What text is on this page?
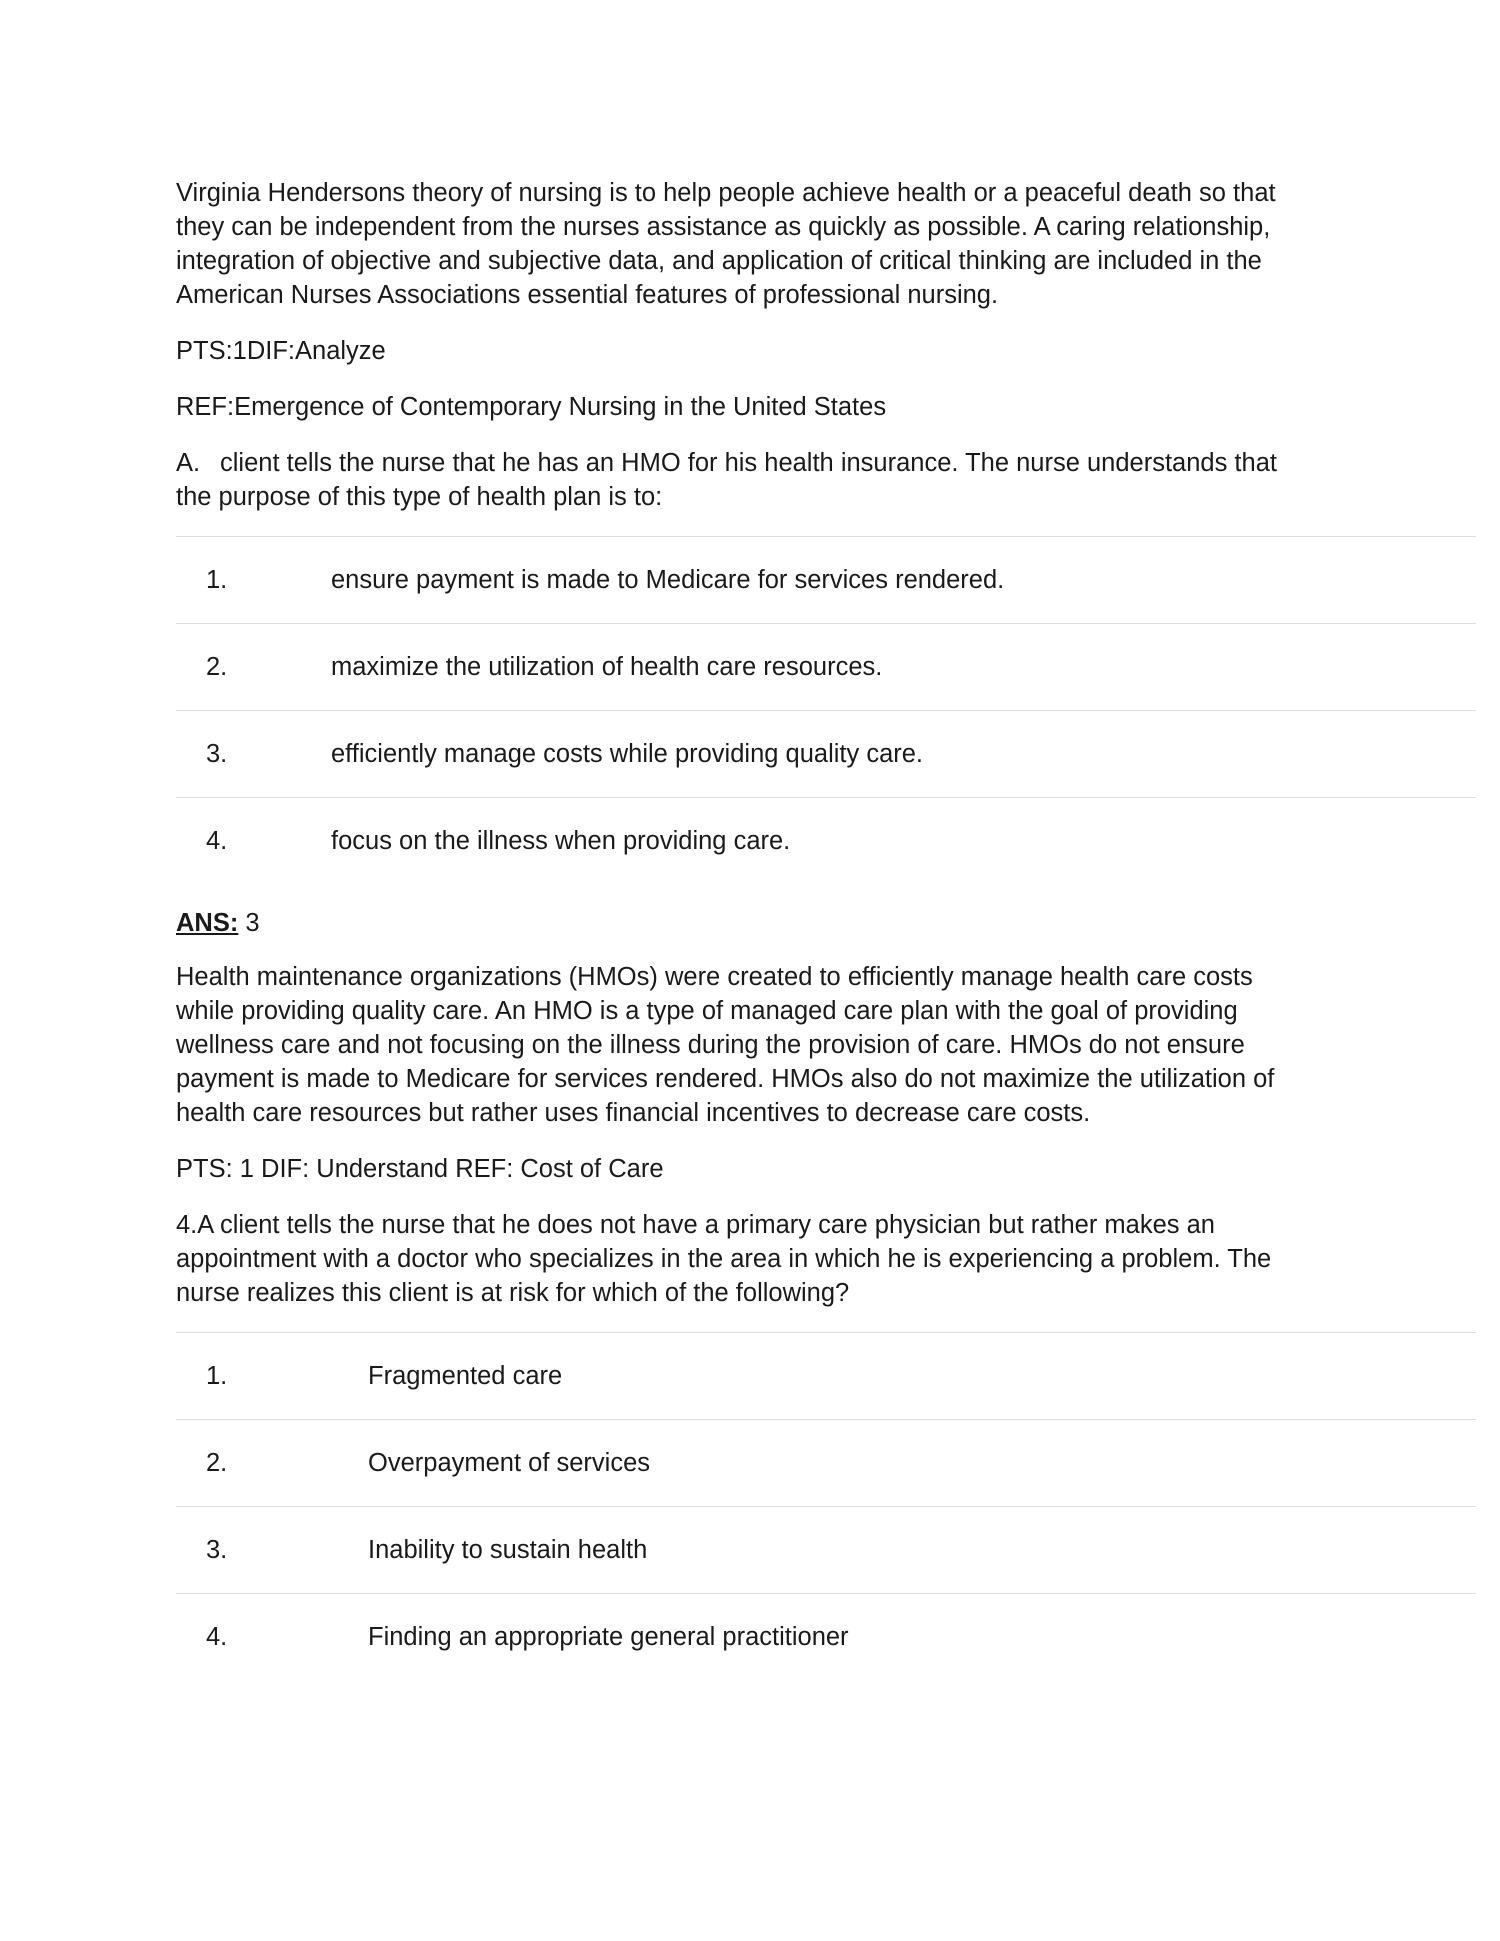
Virginia Hendersons theory of nursing is to help people achieve health or a peaceful death so that they can be independent from the nurses assistance as quickly as possible. A caring relationship, integration of objective and subjective data, and application of critical thinking are included in the American Nurses Associations essential features of professional nursing.

PTS:1DIF:Analyze

REF:Emergence of Contemporary Nursing in the United States

A. client tells the nurse that he has an HMO for his health insurance. The nurse understands that the purpose of this type of health plan is to:

1.	ensure payment is made to Medicare for services rendered.
2.	maximize the utilization of health care resources.
3.	efficiently manage costs while providing quality care.
4.	focus on the illness when providing care.

ANS: 3

Health maintenance organizations (HMOs) were created to efficiently manage health care costs while providing quality care. An HMO is a type of managed care plan with the goal of providing wellness care and not focusing on the illness during the provision of care. HMOs do not ensure payment is made to Medicare for services rendered. HMOs also do not maximize the utilization of health care resources but rather uses financial incentives to decrease care costs.

PTS: 1 DIF: Understand REF: Cost of Care

4.A client tells the nurse that he does not have a primary care physician but rather makes an appointment with a doctor who specializes in the area in which he is experiencing a problem. The nurse realizes this client is at risk for which of the following?

1.	Fragmented care
2.	Overpayment of services
3.	Inability to sustain health
4.	Finding an appropriate general practitioner
